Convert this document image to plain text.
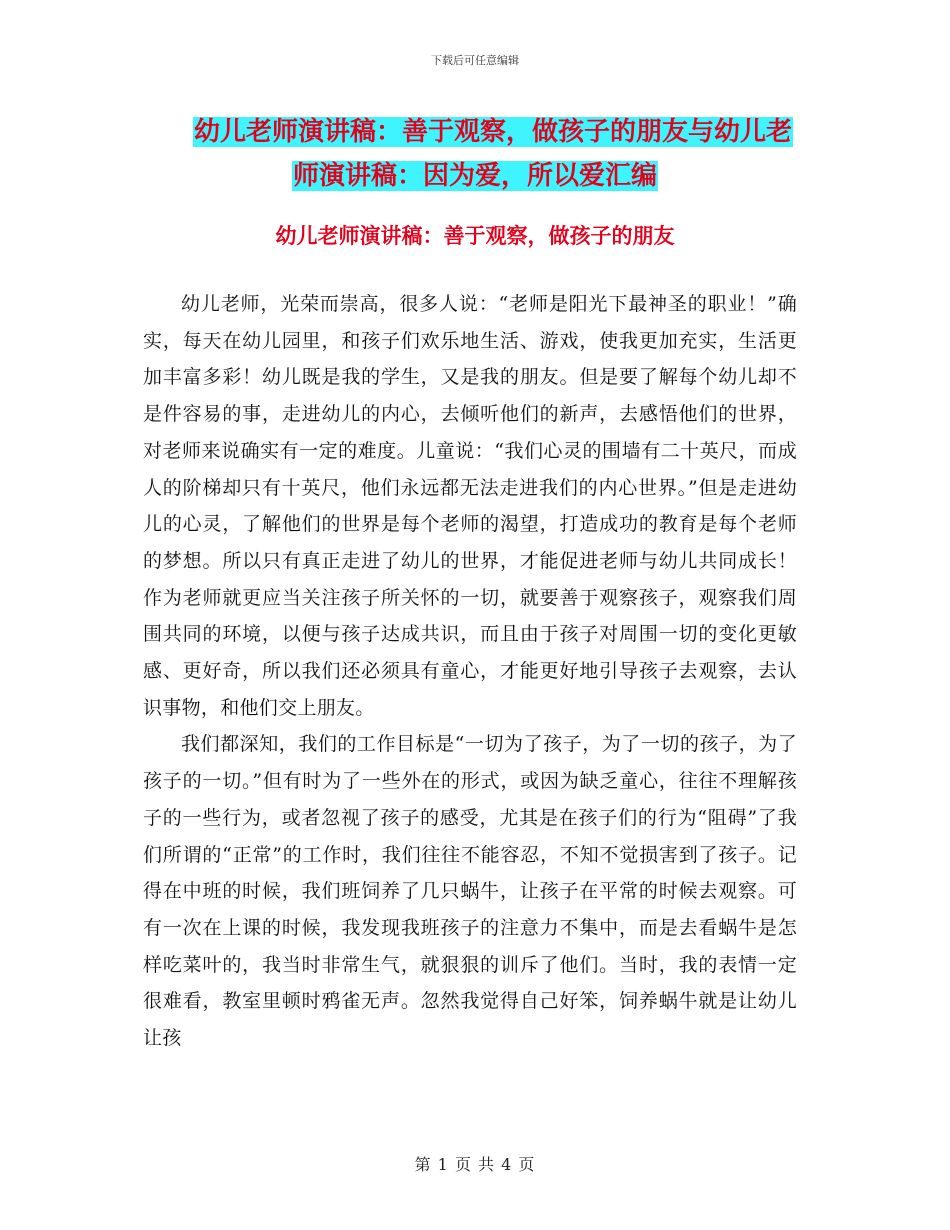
下载后可任意编辑
幼儿老师演讲稿：善于观察，做孩子的朋友与幼儿老
师演讲稿：因为爱，所以爱汇编
幼儿老师演讲稿：善于观察，做孩子的朋友

幼儿老师，光荣而崇高，很多人说：“老师是阳光下最神圣的职业！”确实，每天在幼儿园里，和孩子们欢乐地生活、游戏，使我更加充实，生活更加丰富多彩！幼儿既是我的学生，又是我的朋友。但是要了解每个幼儿却不是件容易的事，走进幼儿的内心，去倾听他们的新声，去感悟他们的世界，对老师来说确实有一定的难度。儿童说：“我们心灵的围墙有二十英尺，而成人的阶梯却只有十英尺，他们永远都无法走进我们的内心世界。”但是走进幼儿的心灵，了解他们的世界是每个老师的渴望，打造成功的教育是每个老师的梦想。所以只有真正走进了幼儿的世界，才能促进老师与幼儿共同成长！作为老师就更应当关注孩子所关怀的一切，就要善于观察孩子，观察我们周围共同的环境，以便与孩子达成共识，而且由于孩子对周围一切的变化更敏感、更好奇，所以我们还必须具有童心，才能更好地引导孩子去观察，去认识事物，和他们交上朋友。

我们都深知，我们的工作目标是“一切为了孩子，为了一切的孩子，为了孩子的一切。”但有时为了一些外在的形式，或因为缺乏童心，往往不理解孩子的一些行为，或者忽视了孩子的感受，尤其是在孩子们的行为“阻碍”了我们所谓的“正常”的工作时，我们往往不能容忍，不知不觉损害到了孩子。记得在中班的时候，我们班饲养了几只蜗牛，让孩子在平常的时候去观察。可有一次在上课的时候，我发现我班孩子的注意力不集中，而是去看蜗牛是怎样吃菜叶的，我当时非常生气，就狠狠的训斥了他们。当时，我的表情一定很难看，教室里顿时鸦雀无声。忽然我觉得自己好笨，饲养蜗牛就是让幼儿让孩

第 1 页 共 4 页
